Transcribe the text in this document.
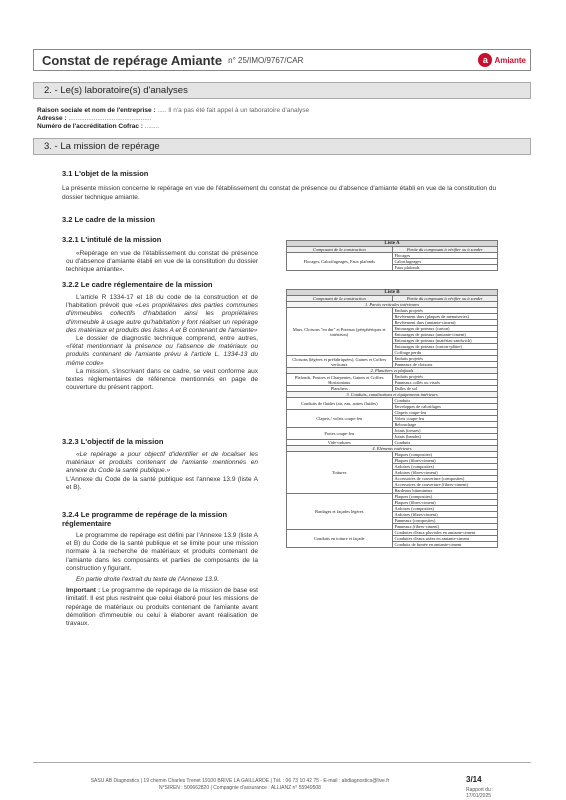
Constat de repérage Amiante n° 25/IMO/9767/CAR	a Amiante
2. - Le(s) laboratoire(s) d'analyses
Raison sociale et nom de l'entreprise : ..... Il n'a pas été fait appel à un laboratoire d'analyse
Adresse : ..............................................
Numéro de l'accréditation Cofrac : ........
3. - La mission de repérage
3.1 L'objet de la mission
La présente mission concerne le repérage en vue de l'établissement du constat de présence ou d'absence d'amiante établi en vue de la constitution du dossier technique amiante.
3.2 Le cadre de la mission
3.2.1 L'intitulé de la mission

«Repérage en vue de l'établissement du constat de présence ou d'absence d'amiante établi en vue de la constitution du dossier technique amiante».

3.2.2 Le cadre réglementaire de la mission

L'article R 1334-17 et 18 du code de la construction et de l'habitation prévoit que «Les propriétaires des parties communes d'immeubles collectifs d'habitation ainsi les propriétaires d'immeuble à usage autre qu'habitation y font réaliser un repérage des matériaux et produits des listes A et B contenant de l'amiante»

Le dossier de diagnostic technique comprend, entre autres, «l'état mentionnant la présence ou l'absence de matériaux ou produits contenant de l'amiante prévu à l'article L. 1334-13 du même code»

La mission, s'inscrivant dans ce cadre, se veut conforme aux textes réglementaires de référence mentionnés en page de couverture du présent rapport.

3.2.3 L'objectif de la mission

«Le repérage a pour objectif d'identifier et de localiser les matériaux et produits contenant de l'amiante mentionnés en annexe du Code la santé publique.»

L'Annexe du Code de la santé publique est l'annexe 13.9 (liste A et B).

3.2.4 Le programme de repérage de la mission réglementaire

Le programme de repérage est défini par l'Annexe 13.9 (liste A et B) du Code de la santé publique et se limite pour une mission normale à la recherche de matériaux et produits contenant de l'amiante dans les composants et parties de composants de la construction y figurant.

En partie droite l'extrait du texte de l'Annexe 13.9.

Important : Le programme de repérage de la mission de base est limitatif. Il est plus restreint que celui élaboré pour les missions de repérage de matériaux ou produits contenant de l'amiante avant démolition d'immeuble ou celui à élaborer avant réalisation de travaux.

Liste A	
Composant de la construction	Partie du composant à vérifier ou à sonder
Flocages, Calorifugeages, Faux plafonds	Flocages
	Calorifugeages
	Faux plafonds
Liste B	
Composant de la construction	Partie du composant à vérifier ou à sonder
1. Parois verticales intérieures	
Murs, Cloisons "en dur" et Poteaux (périphériques et intérieurs)	Enduits projetés
	Revêtement durs (plaques de menuiseries)
	Revêtement durs (amiante-ciment)
	Entourages de poteaux (carton)
	Entourages de poteaux (amiante-ciment)
	Entourages de poteaux (matériau sandwich)
	Entourages de poteaux (carton+plâtre)
	Coffrage perdu
Cloisons (légères et préfabriquées), Gaines et Coffres verticaux	Enduits projetés
	Panneaux de cloisons
2. Planchers et plafonds	
Plafonds, Poutres et Charpentes, Gaines et Coffres Horizontaux	Enduits projetés
	Panneaux collés ou vissés
Planchers	Dalles de sol
3. Conduits, canalisations et équipements intérieurs	
Conduits de fluides (air, eau, autres fluides)	Conduits
	Enveloppes de calorifuges
Clapets / volets coupe-feu	Clapets coupe-feu
	Volets coupe-feu
	Rebouchage
Portes coupe-feu	Joints (tresses)
	Joints (bandes)
Vide-ordures	Conduits
4. Eléments extérieurs	
Toitures	Plaques (composites)
	Plaques (fibres-ciment)
	Ardoises (composites)
	Ardoises (fibres-ciment)
	Accessoires de couverture (composites)
	Accessoires de couverture (fibres-ciment)
	Bardeaux bitumineux
Bardages et façades légères	Plaques (composites)
	Plaques (fibres-ciment)
	Ardoises (composites)
	Ardoises (fibres-ciment)
	Panneaux (composites)
	Panneaux (fibres-ciment)
Conduits en toiture et façade	Conduites d'eaux pluviales en amiante-ciment
	Conduites d'eaux usées en amiante-ciment
	Conduits de fumée en amiante-ciment
SASU AB Diagnostics | 19 chemin Charles Trenet 19100 BRIVE LA GAILLARDE | Tél. : 06 73 10 42 75 - E-mail : abdiagnostics@live.fr
N°SIREN : 500662820 | Compagnie d'assurance : ALLIANZ n° 55949508
3/14
Rapport du :
17/01/2025
